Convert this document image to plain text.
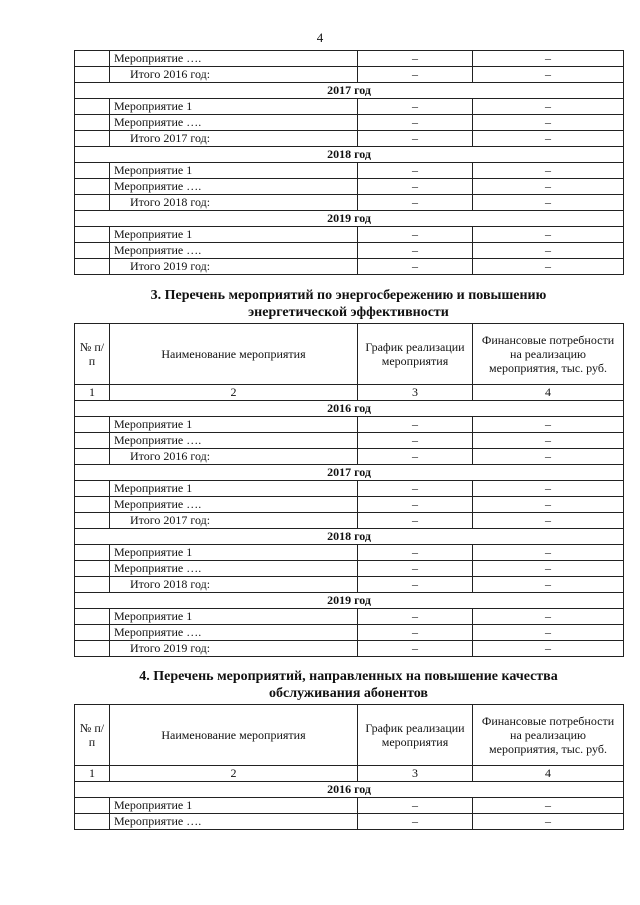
4
	Мероприятие ….	–	–
	Итого 2016 год:	–	–
2017 год			
	Мероприятие 1	–	–
	Мероприятие ….	–	–
	Итого 2017 год:	–	–
2018 год			
	Мероприятие 1	–	–
	Мероприятие ….	–	–
	Итого 2018 год:	–	–
2019 год			
	Мероприятие 1	–	–
	Мероприятие ….	–	–
	Итого 2019 год:	–	–
3. Перечень мероприятий по энергосбережению и повышению
энергетической эффективности
№ п/п	Наименование мероприятия	График реализации мероприятия	Финансовые потребности на реализацию мероприятия, тыс. руб.
1	2	3	4
2016 год			
	Мероприятие 1	–	–
	Мероприятие ….	–	–
	Итого 2016 год:	–	–
2017 год			
	Мероприятие 1	–	–
	Мероприятие ….	–	–
	Итого 2017 год:	–	–
2018 год			
	Мероприятие 1	–	–
	Мероприятие ….	–	–
	Итого 2018 год:	–	–
2019 год			
	Мероприятие 1	–	–
	Мероприятие ….	–	–
	Итого 2019 год:	–	–
4. Перечень мероприятий, направленных на повышение качества
обслуживания абонентов
№ п/п	Наименование мероприятия	График реализации мероприятия	Финансовые потребности на реализацию мероприятия, тыс. руб.
1	2	3	4
2016 год			
	Мероприятие 1	–	–
	Мероприятие ….	–	–
